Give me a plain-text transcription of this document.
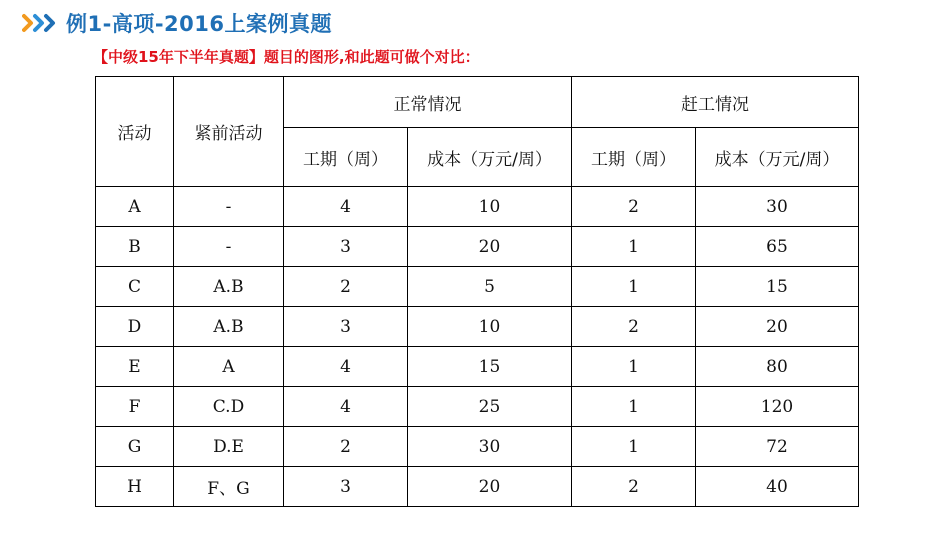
例1-高项-2016上案例真题
【中级15年下半年真题】题目的图形,和此题可做个对比：
活动	紧前活动	正常情况		赶工情况	
		工期（周）	成本（万元/周）	工期（周）	成本（万元/周）
A	-	4	10	2	30
B	-	3	20	1	65
C	A.B	2	5	1	15
D	A.B	3	10	2	20
E	A	4	15	1	80
F	C.D	4	25	1	120
G	D.E	2	30	1	72
H	F、G	3	20	2	40
